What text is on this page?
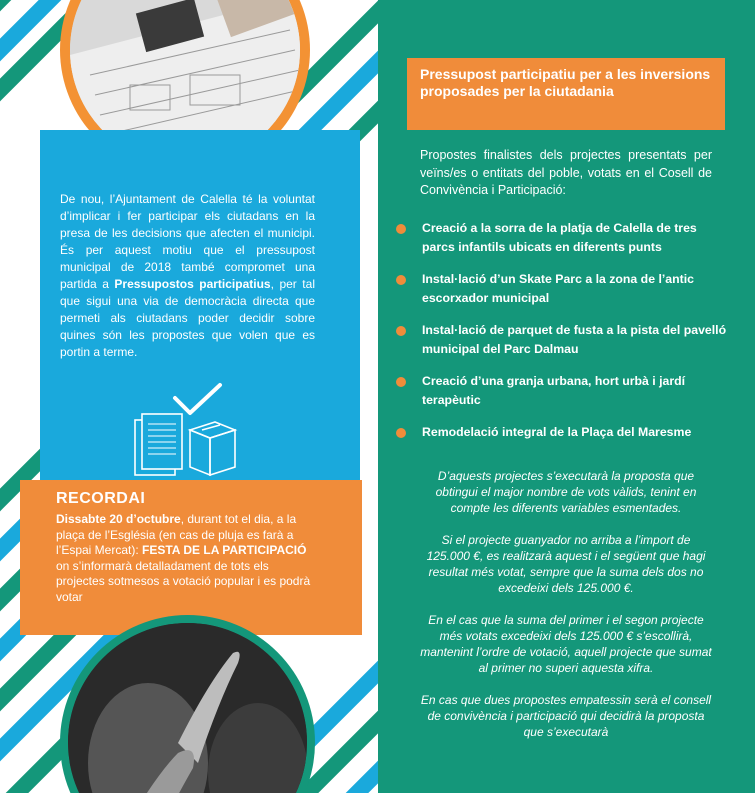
De nou, l’Ajuntament de Calella té la voluntat d’implicar i fer participar els ciutadans en la presa de les decisions que afecten el municipi. És per aquest motiu que el pressupost municipal de 2018 també compromet una partida a Pressupostos participatius, per tal que sigui una via de democràcia directa que permeti als ciutadans poder decidir sobre quines són les propostes que volen que es portin a terme.
RECORDAI
Dissabte 20 d’octubre, durant tot el dia, a la plaça de l’Església (en cas de pluja es farà a l’Espai Mercat): FESTA DE LA PARTICIPACIÓ on s’informarà detalladament de tots els projectes sotmesos a votació popular i es podrà votar
Pressupost participatiu per a les inversions proposades per la ciutadania
Propostes finalistes dels projectes presentats per veïns/es o entitats del poble, votats en el Cosell de Convivència i Participació:
Creació a la sorra de la platja de Calella de tres parcs infantils ubicats en diferents punts
Instal·lació d’un Skate Parc a la zona de l’antic escorxador municipal
Instal·lació de parquet de fusta a la pista del pavelló municipal del Parc Dalmau
Creació d’una granja urbana, hort urbà i jardí terapèutic
Remodelació integral de la Plaça del Maresme

D’aquests projectes s’executarà la proposta que obtingui el major nombre de vots vàlids, tenint en compte les diferents variables esmentades.

Si el projecte guanyador no arriba a l’import de 125.000 €, es realitzarà aquest i el següent que hagi resultat més votat, sempre que la suma dels dos no excedeixi dels 125.000 €.

En el cas que la suma del primer i el segon projecte més votats excedeixi dels 125.000 € s’escollirà, mantenint l’ordre de votació, aquell projecte que sumat al primer no superi aquesta xifra.

En cas que dues propostes empatessin serà el consell de convivència i participació qui decidirà la proposta que s’executarà
